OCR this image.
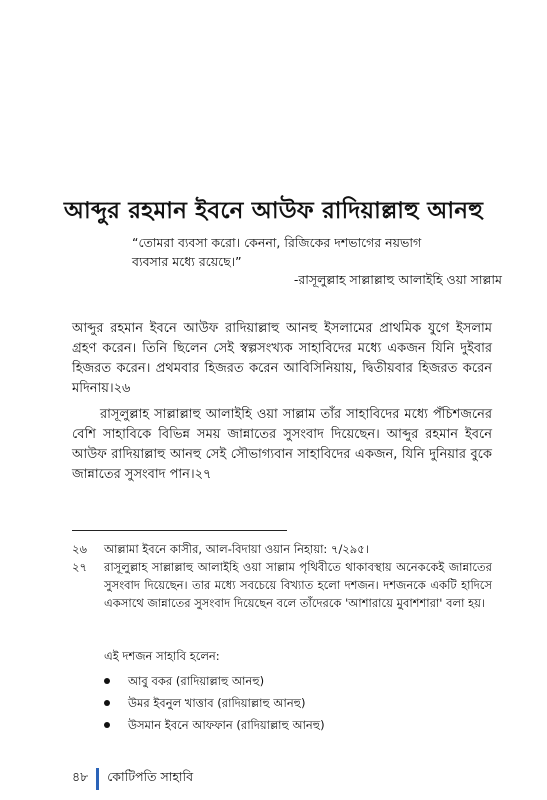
আব্দুর রহমান ইবনে আউফ রাদিয়াল্লাহু আনহু
“তোমরা ব্যবসা করো। কেননা, রিজিকের দশভাগের নয়ভাগ
ব্যবসার মধ্যে রয়েছে।”
-রাসূলুল্লাহ সাল্লাল্লাহু আলাইহি ওয়া সাল্লাম

আব্দুর রহমান ইবনে আউফ রাদিয়াল্লাহু আনহু ইসলামের প্রাথমিক যুগে ইসলাম গ্রহণ করেন। তিনি ছিলেন সেই স্বল্পসংখ্যক সাহাবিদের মধ্যে একজন যিনি দুইবার হিজরত করেন। প্রথমবার হিজরত করেন আবিসিনিয়ায়, দ্বিতীয়বার হিজরত করেন মদিনায়।২৬

রাসূলুল্লাহ সাল্লাল্লাহু আলাইহি ওয়া সাল্লাম তাঁর সাহাবিদের মধ্যে পঁচিশজনের বেশি সাহাবিকে বিভিন্ন সময় জান্নাতের সুসংবাদ দিয়েছেন। আব্দুর রহমান ইবনে আউফ রাদিয়াল্লাহু আনহু সেই সৌভাগ্যবান সাহাবিদের একজন, যিনি দুনিয়ার বুকে জান্নাতের সুসংবাদ পান।২৭

২৬ আল্লামা ইবনে কাসীর, আল-বিদায়া ওয়ান নিহায়া: ৭/২৯৫।
২৭ রাসূলুল্লাহ সাল্লাল্লাহু আলাইহি ওয়া সাল্লাম পৃথিবীতে থাকাবস্থায় অনেককেই জান্নাতের সুসংবাদ দিয়েছেন। তার মধ্যে সবচেয়ে বিখ্যাত হলো দশজন। দশজনকে একটি হাদিসে একসাথে জান্নাতের সুসংবাদ দিয়েছেন বলে তাঁদেরকে 'আশারায়ে মুবাশশারা' বলা হয়।
এই দশজন সাহাবি হলেন:
আবু বকর (রাদিয়াল্লাহু আনহু)
উমর ইবনুল খাত্তাব (রাদিয়াল্লাহু আনহু)
উসমান ইবনে আফফান (রাদিয়াল্লাহু আনহু)
৪৮ কোটিপতি সাহাবি
